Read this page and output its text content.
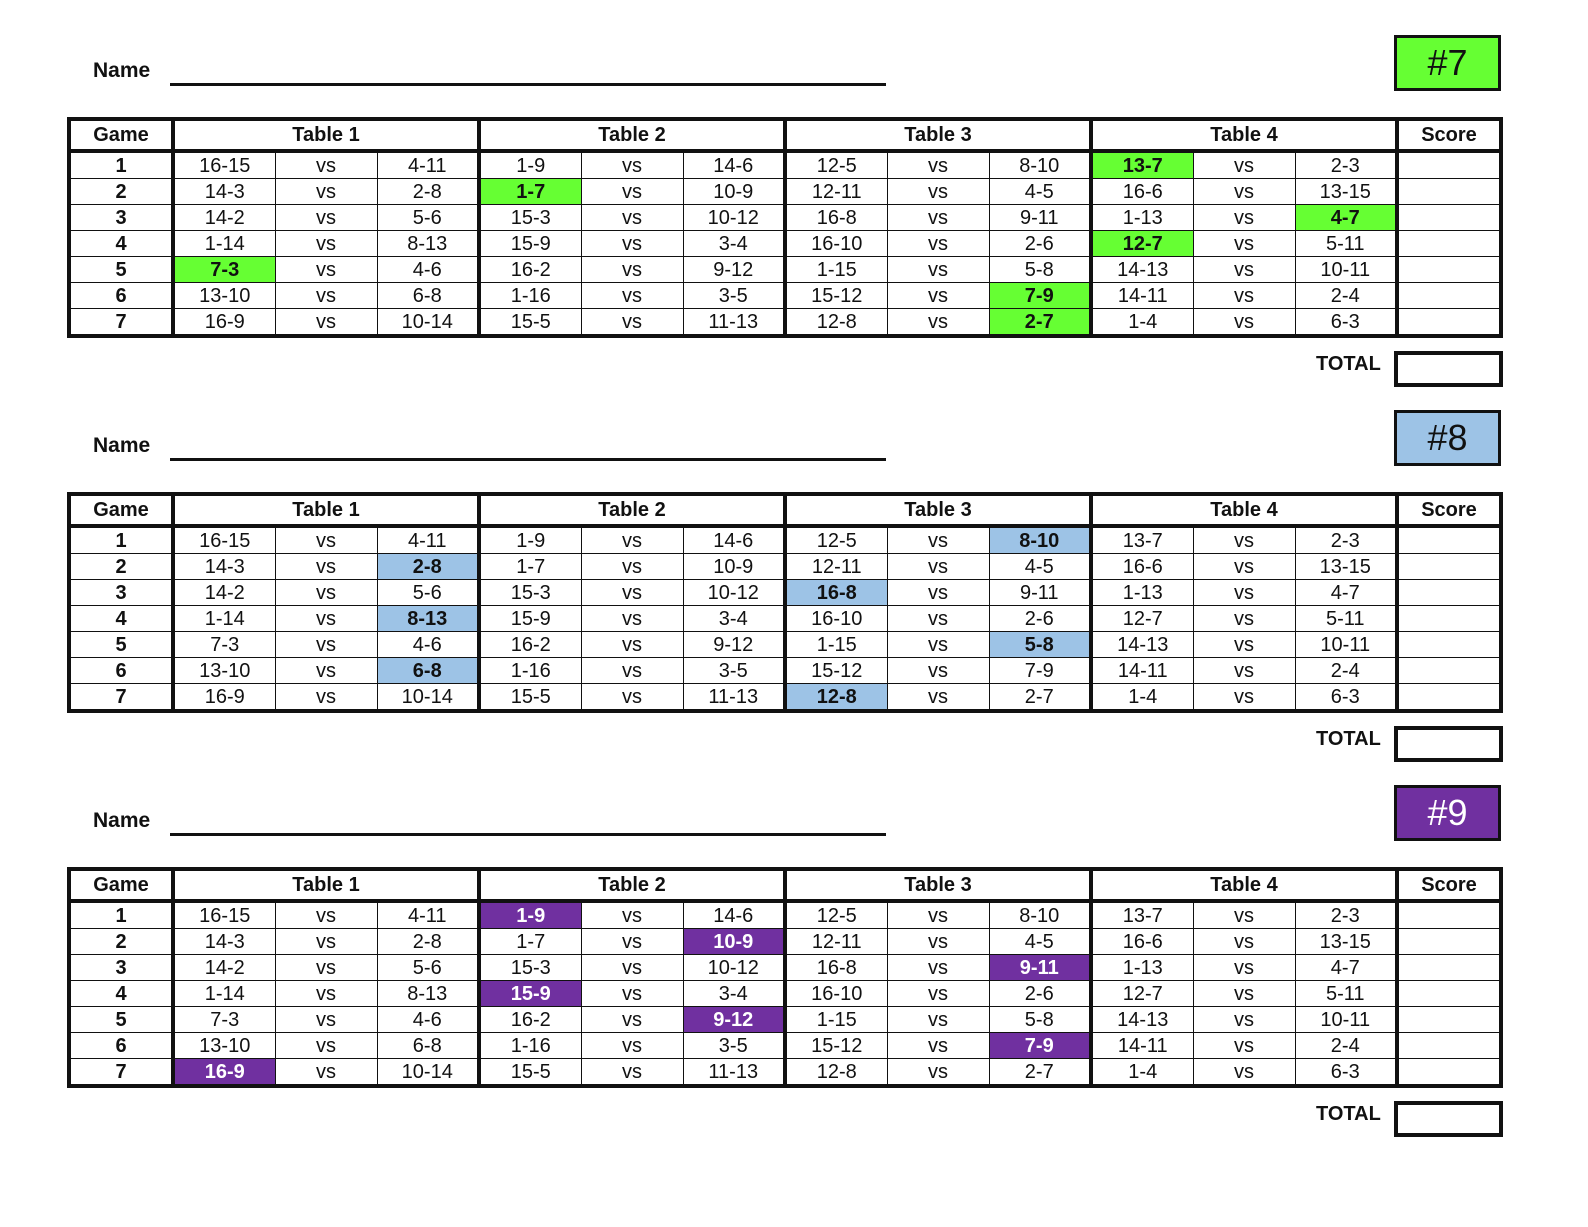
Name	#7
Game	Table 1			Table 2			Table 3			Table 4			Score
1	16-15	vs	4-11	1-9	vs	14-6	12-5	vs	8-10	13-7	vs	2-3	
2	14-3	vs	2-8	1-7	vs	10-9	12-11	vs	4-5	16-6	vs	13-15	
3	14-2	vs	5-6	15-3	vs	10-12	16-8	vs	9-11	1-13	vs	4-7	
4	1-14	vs	8-13	15-9	vs	3-4	16-10	vs	2-6	12-7	vs	5-11	
5	7-3	vs	4-6	16-2	vs	9-12	1-15	vs	5-8	14-13	vs	10-11	
6	13-10	vs	6-8	1-16	vs	3-5	15-12	vs	7-9	14-11	vs	2-4	
7	16-9	vs	10-14	15-5	vs	11-13	12-8	vs	2-7	1-4	vs	6-3	
TOTAL
Name	#8
Game	Table 1			Table 2			Table 3			Table 4			Score
1	16-15	vs	4-11	1-9	vs	14-6	12-5	vs	8-10	13-7	vs	2-3	
2	14-3	vs	2-8	1-7	vs	10-9	12-11	vs	4-5	16-6	vs	13-15	
3	14-2	vs	5-6	15-3	vs	10-12	16-8	vs	9-11	1-13	vs	4-7	
4	1-14	vs	8-13	15-9	vs	3-4	16-10	vs	2-6	12-7	vs	5-11	
5	7-3	vs	4-6	16-2	vs	9-12	1-15	vs	5-8	14-13	vs	10-11	
6	13-10	vs	6-8	1-16	vs	3-5	15-12	vs	7-9	14-11	vs	2-4	
7	16-9	vs	10-14	15-5	vs	11-13	12-8	vs	2-7	1-4	vs	6-3	
TOTAL
Name	#9
Game	Table 1			Table 2			Table 3			Table 4			Score
1	16-15	vs	4-11	1-9	vs	14-6	12-5	vs	8-10	13-7	vs	2-3	
2	14-3	vs	2-8	1-7	vs	10-9	12-11	vs	4-5	16-6	vs	13-15	
3	14-2	vs	5-6	15-3	vs	10-12	16-8	vs	9-11	1-13	vs	4-7	
4	1-14	vs	8-13	15-9	vs	3-4	16-10	vs	2-6	12-7	vs	5-11	
5	7-3	vs	4-6	16-2	vs	9-12	1-15	vs	5-8	14-13	vs	10-11	
6	13-10	vs	6-8	1-16	vs	3-5	15-12	vs	7-9	14-11	vs	2-4	
7	16-9	vs	10-14	15-5	vs	11-13	12-8	vs	2-7	1-4	vs	6-3	
TOTAL
